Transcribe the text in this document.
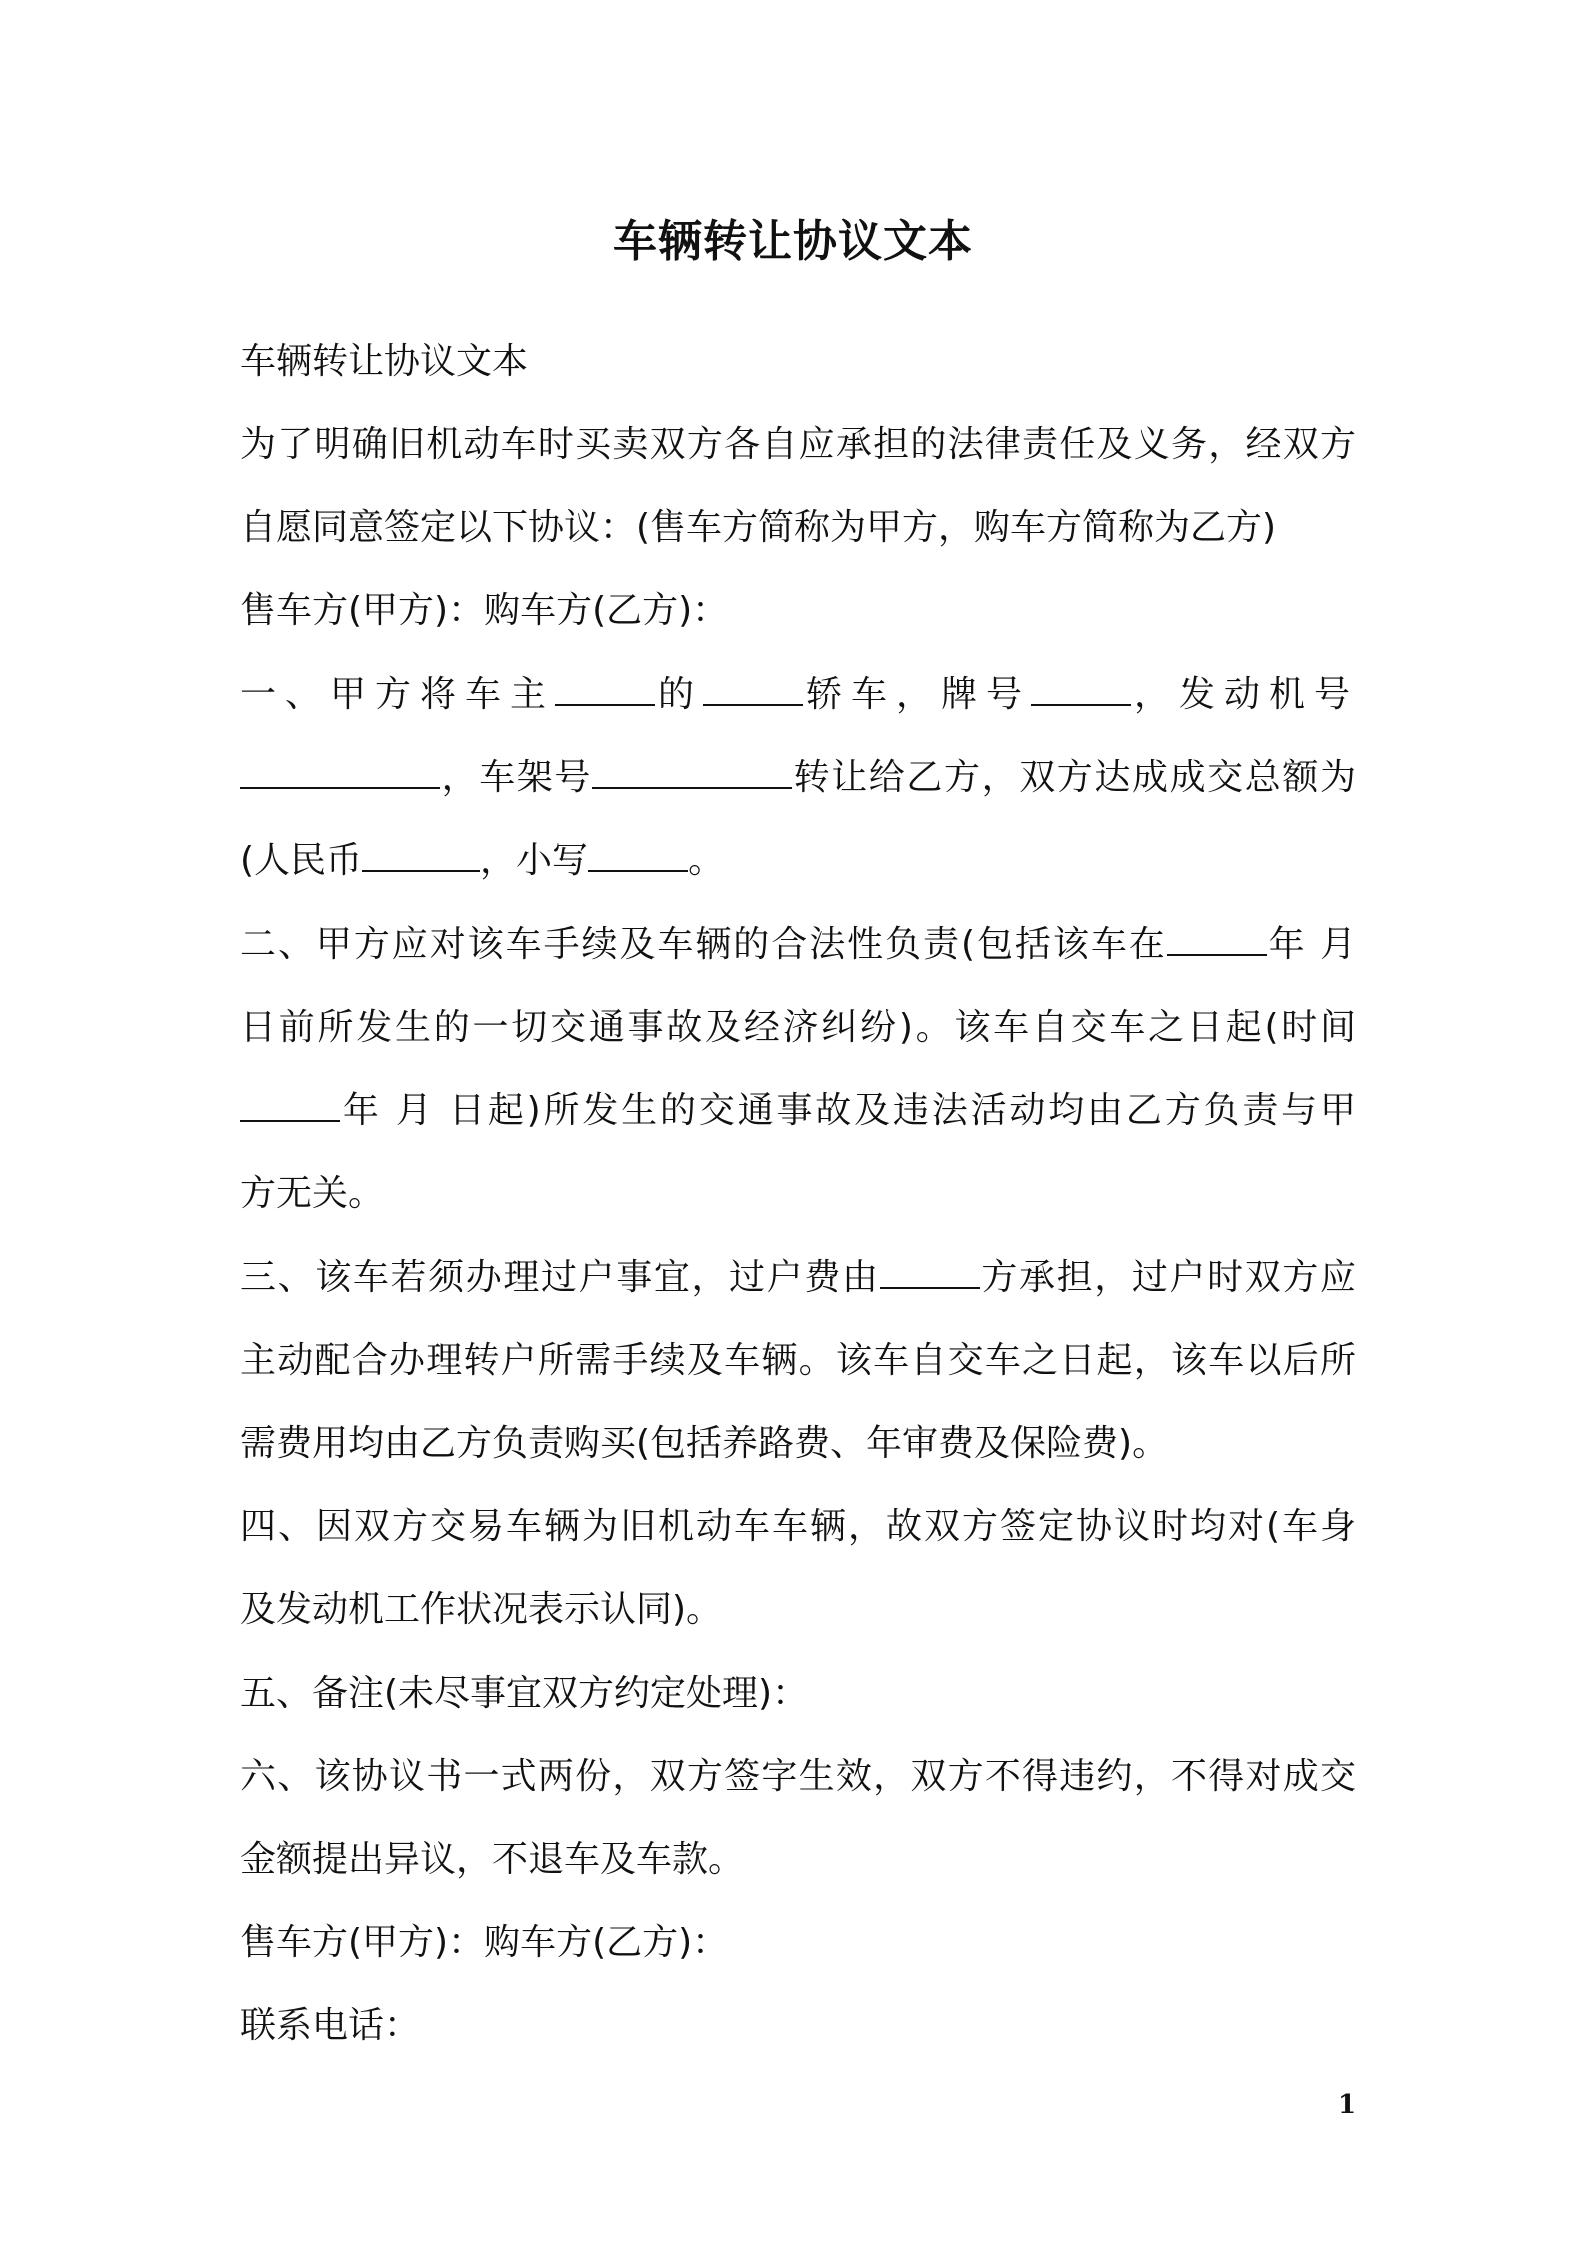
车辆转让协议文本
车辆转让协议文本
为了明确旧机动车时买卖双方各自应承担的法律责任及义务，经双方
自愿同意签定以下协议：(售车方简称为甲方，购车方简称为乙方)
售车方(甲方)：购车方(乙方)：
一、甲方将车主	的	轿车，牌号	，发动机号
，车架号	转让给乙方，双方达成成交总额为
(人民币	，小写	。
二、甲方应对该车手续及车辆的合法性负责(包括该车在	年 月
日前所发生的一切交通事故及经济纠纷)。该车自交车之日起(时间
年 月 日起)所发生的交通事故及违法活动均由乙方负责与甲
方无关。
三、该车若须办理过户事宜，过户费由	方承担，过户时双方应
主动配合办理转户所需手续及车辆。该车自交车之日起，该车以后所
需费用均由乙方负责购买(包括养路费、年审费及保险费)。
四、因双方交易车辆为旧机动车车辆，故双方签定协议时均对(车身
及发动机工作状况表示认同)。
五、备注(未尽事宜双方约定处理)：
六、该协议书一式两份，双方签字生效，双方不得违约，不得对成交
金额提出异议，不退车及车款。
售车方(甲方)：购车方(乙方)：
联系电话：
1
